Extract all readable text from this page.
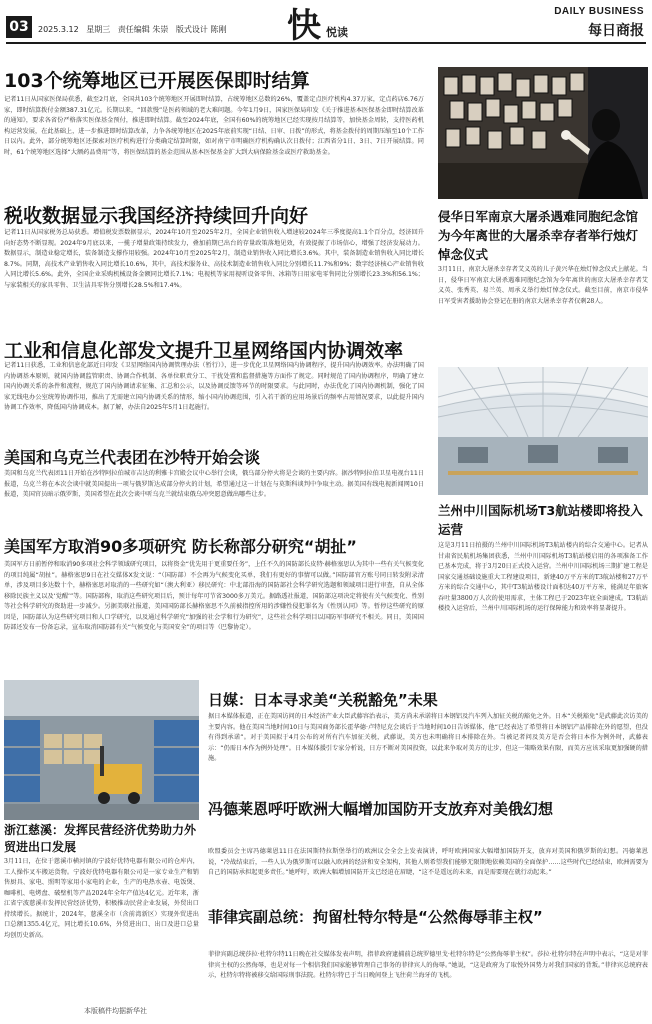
03	2025.3.12 星期三 责任编辑 朱崇 版式设计 陈刚 快 悦读
DAILY BUSINESS
每日商报
103个统筹地区已开展医保即时结算
记者11日从国家医保局获悉，截至2月底，全国共103个统筹地区开展即时结算，占统筹地区总数的26%，覆盖定点医疗机构4.37万家，定点药店6.76万家，即时结算拨付金额387.31亿元。长期以来，“回款慢”是医药领域的老大难问题。今年1月9日，国家医保局印发《关于推进基本医保基金即时结算改革的通知》，要求各省份严格落实医保基金预付，推进即时结算。截至2024年底，全国有60%的统筹地区已经实现按月结算等，加快基金周转，支持医药机构运营发展，在此基础上，进一步推进即时结算改革，力争各统筹地区在2025年底前实现“日结、日审、日拨”的形式，将基金拨付的周期压缩至10个工作日以内。此外，部分统筹地区还探索对医疗机构进行分类确定结算时限，如对南宁市明确医疗机构确认次日拨付；江西省分1日、3日、7日开展结算。同时，61个统筹地区选择“大额药品费用”等，将医保结算的基金范围从基本医保基金扩大到大病保险基金或医疗救助基金。
税收数据显示我国经济持续回升向好
记者11日从国家税务总局获悉。增值税发票数据显示，2024年10月至2025年2月，全国企业销售收入增速较2024年三季度提高1.1个百分点，经济回升向好态势不断显现。2024年9月底以来，一揽子增量政策持续发力，叠加前期已出台的存量政策落地见效，有效提振了市场信心，增强了经济发展动力。数据显示，制造业稳定增长，装备制造支撑作用较强。2024年10月至2025年2月，制造业销售收入同比增长3.6%。其中，装备制造业销售收入同比增长8.7%。同期，高技术产业销售收入同比增长10.6%，其中，高技术服务业、高技术制造业销售收入同比分别增长11.7%和9%；数字经济核心产业销售收入同比增长5.6%。此外，全国企业采购机械设备金额同比增长7.1%；电视机等家用视听设备零售、冰箱等日用家电零售同比分别增长23.3%和56.1%；与家装相关的家具零售、卫生洁具零售分别增长28.5%和17.4%。
工业和信息化部发文提升卫星网络国内协调效率
记者11日获悉，工业和信息化部近日印发《卫星网络国内协调管理办法（暂行）》，进一步优化卫星网络国内协调程序，提升国内协调效率。办法明确了国内协调基本原则，就国内协调监管职责、协调合作机制、各单位职责分工、干扰处置和监督措施等方面作了规定。同时规范了国内协调程序，明确了建立国内协调关系的条件和流程，规范了国内协调请求征集、汇总和公示，以及协调反馈等环节的时限要求。与此同时，办法优化了国内协调机制，强化了国家无线电办公室统筹协调作用，推出了无需建立国内协调关系的情形，缩小国内协调范围，引入若干新的应用场景后的频率占用情况要求，以此提升国内协调工作效率，降低国内协调成本。据了解，办法自2025年5月1日起施行。
美国和乌克兰代表团在沙特开始会谈
美国和乌克兰代表团11日开始在沙特阿拉伯城市吉达的利雅卡宫殿会议中心举行会谈，俄乌部分停火将是会谈的主要内容。据沙特阿拉伯卫星电视台11日报道，乌克兰将在本次会谈中就美国提出一项与俄罗斯达成部分停火的计划，希望通过这一计划在与莫斯科谈判中争取主动。据美国有线电视新闻网10日报道，美国官员暗示俄罗斯，美国希望在此次会谈中听乌克兰就结束俄乌冲突愿意做出哪些让步。
美国军方取消90多项研究 防长称部分研究“胡扯”
美国军方日前暂停和取消90多项社会科学领域研究项目，以将资金“优先用于更重要任务”，上任不久的国防部长皮特·赫格塞思认为其中一些有关气候变化的项目纯属“胡扯”。赫格塞思9日在社交媒体X发文说：“（国防部）不会再为气候变化买单，我们有更好的事情可以做。”国防部官方账号同日转发附录清单，涉及项目多达数十个，赫格塞思对取消的一些研究如“（澳大利亚）移民研究：中北部沿海的国防部社会科学研究选题和领域项目进行审查，自从全体移除民族主义以及‘觉醒’”等。国防部称，取消这些研究项目后，预计每年可节省3000多万美元。据路透社报道，国防部这项决定将使有关气候变化、性别等社会科学研究的资助进一步减少。另据美联社报道，美国国防部长赫格塞思不久前被指控所用的涉嫌性侵犯罪名为《性别认同》等。暂停这些研究的原因是，国防部认为这些研究项目和人口学研究，以及通过科学研究“加强的社会学和行为研究”，这些社会科学项目以国防军事研究不相关。同日，美国国防部还发布一份备忘录，宣布取消国防部有关“气候变化与美国安全”的项目等（巴黎协定）。
侵华日军南京大屠杀遇难同胞纪念馆为今年离世的大屠杀幸存者举行烛灯悼念仪式
3月11日，南京大屠杀幸存者艾义英的儿子黄兴华在烛灯悼念仪式上献花。当日，侵华日军南京大屠杀遇难同胞纪念馆为今年离世的南京大屠杀幸存者艾义英、张秀英、易兰英、周承义举行烛灯悼念仪式。截至目前，南京市侵华日军受害者援助协会登记在册的南京大屠杀幸存者仅剩28人。
兰州中川国际机场T3航站楼即将投入运营
这是3月11日拍摄的兰州中川国际机场T3航站楼内的综合交通中心。记者从甘肃省民航机场集团获悉，兰州中川国际机场T3航站楼启用的各项准备工作已基本完成，将于3月20日正式投入运营。兰州中川国际机场三期扩建工程是国家交通基础设施重大工程建设项目，新建40万平方米的T3航站楼和27万平方米的综合交通中心，其中T3航站楼设计面积达40万平方米，能满足年旅客吞吐量3800万人次的使用需求，主体工程已于2023年底全面建成。T3航站楼投入运营后，兰州中川国际机场的运行保障能力和效率将显著提升。
浙江慈溪：发挥民营经济优势助力外贸进出口发展
3月11日，在位于慈溪市横河镇的宁波好优特电器有限公司的仓库内，工人操作叉车搬运货物。宁波好优特电器有限公司是一家专业生产和销售厨具、家电、照明等家用小家电的企业，生产的电热水壶、电饭煲、咖啡机、电烤盘、破壁机等产品2024年全年产值达4亿元。近年来，浙江省宁波慈溪市发挥民营经济优势，积极推动民营企业发展，外贸出口持续增长。据统计，2024年，慈溪全市（含前湾新区）实现外贸进出口总额1355.4亿元，同比增长10.6%，外贸进出口、出口及进口总量均创历史新高。
日媒：日本寻求美“关税豁免”未果
据日本媒体报道，正在美国访问的日本经济产业大臣武藤容治表示，美方尚未承诺将日本钢铝及汽车列入加征关税的豁免之外。日本“关税豁免”是武藤此次访美的主要内容。他在美国当地时间10日与美国商务部长霍华德·卢特尼克会谈后于当地时间10日告诉媒体，他“已经表达了希望将日本钢铝产品排除在外的愿望，但没有得到承诺”。对于美国拟于4月公布的对所有汽车加征关税，武藤说，美方也未明确将日本排除在外。当被记者问及美方是否会将日本作为例外时，武藤表示：“仍需日本作为例外处理”。日本媒体援引专家分析说，日方不断对美国投资，以此来争取对美方的让步，但这一策略效果有限，而美方应该采取更加强硬的措施。
冯德莱恩呼吁欧洲大幅增加国防开支放弃对美俄幻想
欧盟委员会主席冯德莱恩11日在法国斯特拉斯堡举行的欧洲议会全会上发表演讲，呼吁欧洲国家大幅增加国防开支，放弃对美国和俄罗斯的幻想。冯德莱恩说，“冷战结束后，一些人认为俄罗斯可以融入欧洲的经济和安全架构，其他人则希望我们能够无限期地依赖美国的全面保护……这些时代已经结束，欧洲需要为自己的国防承担起更多责任。”她呼吁，欧洲大幅增加国防开支已经迫在眉睫，“这不是遥远的未来，而是需要现在就行动起来。”
菲律宾副总统：拘留杜特尔特是“公然侮辱菲主权”
菲律宾副总统莎拉·杜特尔特11日晚在社交媒体发表声明，指菲政府逮捕前总统罗德里戈·杜特尔特是“公然侮辱菲主权”。莎拉·杜特尔特在声明中表示，“这是对菲律宾主权的公然侮辱，也是对每一个相信我们国家能够管理自己事务的菲律宾人的侮辱。”她说，“这是政府为了取悦外国势力对我们国家的背叛。”菲律宾总统府表示，杜特尔特将被移交给国际刑事法院。杜特尔特已于当日晚间登上飞往荷兰海牙的飞机。
本版稿件均据新华社
